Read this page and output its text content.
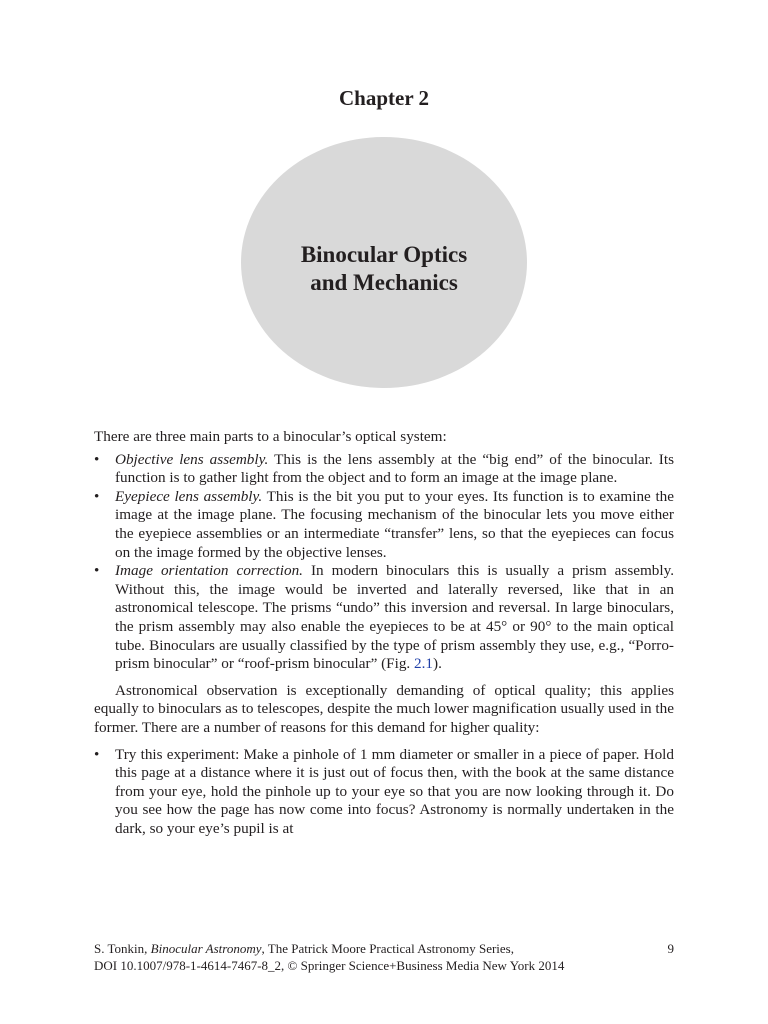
Chapter 2
Binocular Optics
and Mechanics

There are three main parts to a binocular’s optical system:

• Objective lens assembly. This is the lens assembly at the “big end” of the binocular. Its function is to gather light from the object and to form an image at the image plane.
• Eyepiece lens assembly. This is the bit you put to your eyes. Its function is to examine the image at the image plane. The focusing mechanism of the binocular lets you move either the eyepiece assemblies or an intermediate “transfer” lens, so that the eyepieces can focus on the image formed by the objective lenses.
• Image orientation correction. In modern binoculars this is usually a prism assembly. Without this, the image would be inverted and laterally reversed, like that in an astronomical telescope. The prisms “undo” this inversion and reversal. In large binoculars, the prism assembly may also enable the eyepieces to be at 45° or 90° to the main optical tube. Binoculars are usually classified by the type of prism assembly they use, e.g., “Porro-prism binocular” or “roof-prism binocular” (Fig. 2.1).

Astronomical observation is exceptionally demanding of optical quality; this applies equally to binoculars as to telescopes, despite the much lower magnification usually used in the former. There are a number of reasons for this demand for higher quality:

• Try this experiment: Make a pinhole of 1 mm diameter or smaller in a piece of paper. Hold this page at a distance where it is just out of focus then, with the book at the same distance from your eye, hold the pinhole up to your eye so that you are now looking through it. Do you see how the page has now come into focus? Astronomy is normally undertaken in the dark, so your eye’s pupil is at
S. Tonkin, Binocular Astronomy, The Patrick Moore Practical Astronomy Series,
DOI 10.1007/978-1-4614-7467-8_2, © Springer Science+Business Media New York 2014
9
